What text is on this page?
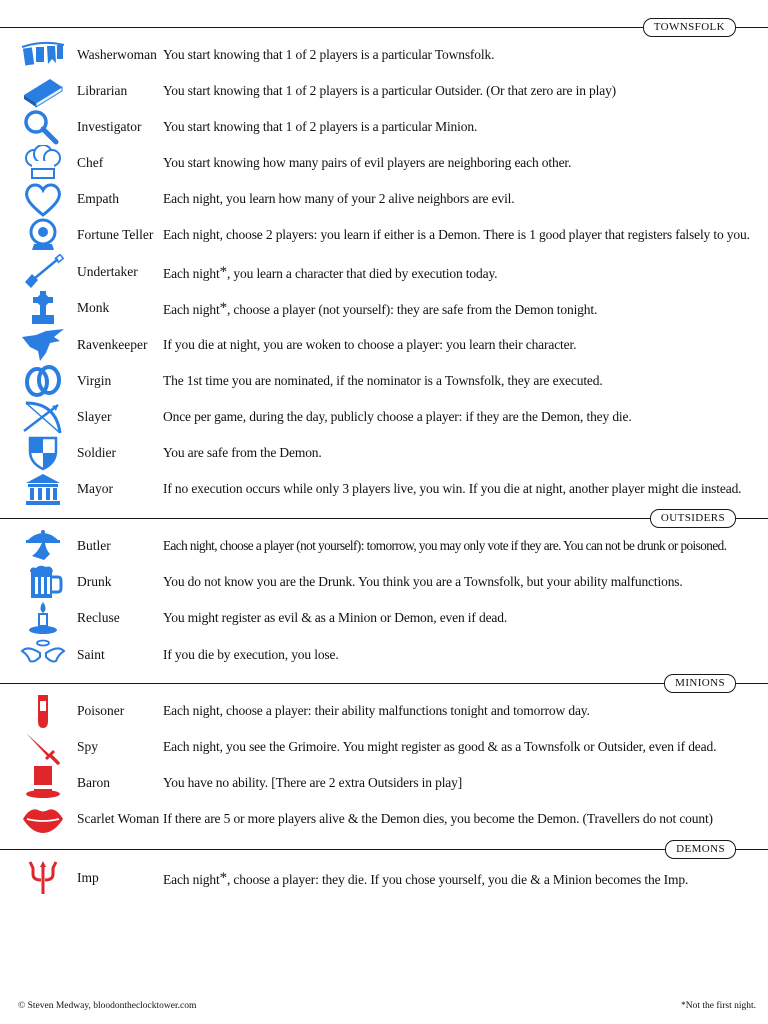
TOWNSFOLK
Washerwoman You start knowing that 1 of 2 players is a particular Townsfolk.
Librarian	You start knowing that 1 of 2 players is a particular Outsider. (Or that zero are in play)
Investigator You start knowing that 1 of 2 players is a particular Minion.
Chef	You start knowing how many pairs of evil players are neighboring each other.
Empath	Each night, you learn how many of your 2 alive neighbors are evil.
Fortune Teller Each night, choose 2 players: you learn if either is a Demon. There is 1 good player that registers falsely to you.
Undertaker Each night*, you learn a character that died by execution today.
Monk	Each night*, choose a player (not yourself): they are safe from the Demon tonight.
Ravenkeeper If you die at night, you are woken to choose a player: you learn their character.
Virgin	The 1st time you are nominated, if the nominator is a Townsfolk, they are executed.
Slayer	Once per game, during the day, publicly choose a player: if they are the Demon, they die.
Soldier	You are safe from the Demon.
Mayor	If no execution occurs while only 3 players live, you win. If you die at night, another player might die instead.
OUTSIDERS
Butler	Each night, choose a player (not yourself): tomorrow, you may only vote if they are. You can not be drunk or poisoned.
Drunk	You do not know you are the Drunk. You think you are a Townsfolk, but your ability malfunctions.
Recluse	You might register as evil & as a Minion or Demon, even if dead.
Saint	If you die by execution, you lose.
MINIONS
Poisoner	Each night, choose a player: their ability malfunctions tonight and tomorrow day.
Spy	Each night, you see the Grimoire. You might register as good & as a Townsfolk or Outsider, even if dead.
Baron	You have no ability. [There are 2 extra Outsiders in play]
Scarlet Woman If there are 5 or more players alive & the Demon dies, you become the Demon. (Travellers do not count)
DEMONS
Imp	Each night*, choose a player: they die. If you chose yourself, you die & a Minion becomes the Imp.
© Steven Medway, bloodontheclocktower.com	*Not the first night.
